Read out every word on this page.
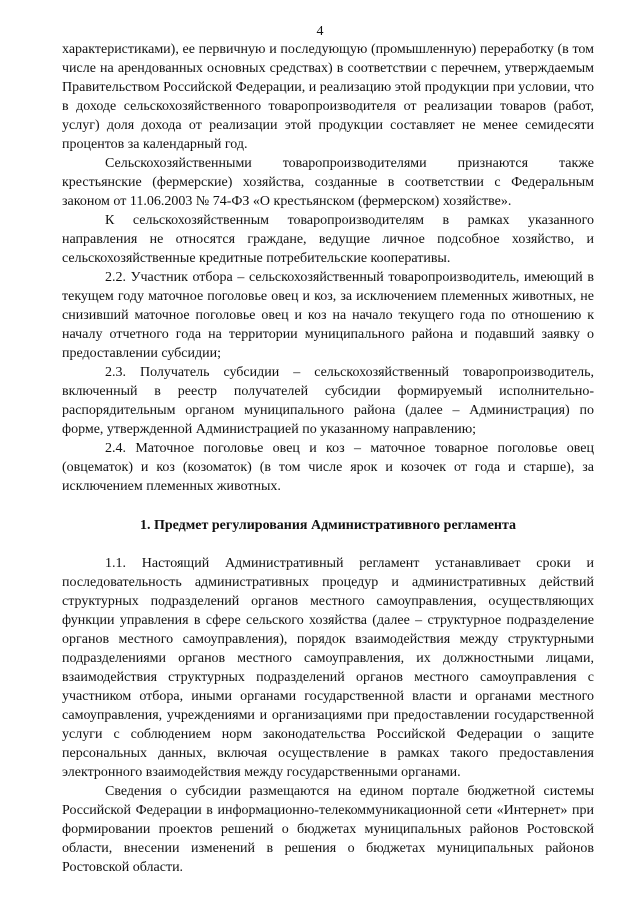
4

характеристиками), ее первичную и последующую (промышленную) переработку (в том числе на арендованных основных средствах) в соответствии с перечнем, утверждаемым Правительством Российской Федерации, и реализацию этой продукции при условии, что в доходе сельскохозяйственного товаропроизводителя от реализации товаров (работ, услуг) доля дохода от реализации этой продукции составляет не менее семидесяти процентов за календарный год.

Сельскохозяйственными товаропроизводителями признаются также крестьянские (фермерские) хозяйства, созданные в соответствии с Федеральным законом от 11.06.2003 № 74-ФЗ «О крестьянском (фермерском) хозяйстве».

К сельскохозяйственным товаропроизводителям в рамках указанного направления не относятся граждане, ведущие личное подсобное хозяйство, и сельскохозяйственные кредитные потребительские кооперативы.

2.2. Участник отбора – сельскохозяйственный товаропроизводитель, имеющий в текущем году маточное поголовье овец и коз, за исключением племенных животных, не снизивший маточное поголовье овец и коз на начало текущего года по отношению к началу отчетного года на территории муниципального района и подавший заявку о предоставлении субсидии;

2.3. Получатель субсидии – сельскохозяйственный товаропроизводитель, включенный в реестр получателей субсидии формируемый исполнительно-распорядительным органом муниципального района (далее – Администрация) по форме, утвержденной Администрацией по указанному направлению;

2.4. Маточное поголовье овец и коз – маточное товарное поголовье овец (овцематок) и коз (козоматок) (в том числе ярок и козочек от года и старше), за исключением племенных животных.

1. Предмет регулирования Административного регламента

1.1. Настоящий Административный регламент устанавливает сроки и последовательность административных процедур и административных действий структурных подразделений органов местного самоуправления, осуществляющих функции управления в сфере сельского хозяйства (далее – структурное подразделение органов местного самоуправления), порядок взаимодействия между структурными подразделениями органов местного самоуправления, их должностными лицами, взаимодействия структурных подразделений органов местного самоуправления с участником отбора, иными органами государственной власти и органами местного самоуправления, учреждениями и организациями при предоставлении государственной услуги с соблюдением норм законодательства Российской Федерации о защите персональных данных, включая осуществление в рамках такого предоставления электронного взаимодействия между государственными органами.

Сведения о субсидии размещаются на едином портале бюджетной системы Российской Федерации в информационно-телекоммуникационной сети «Интернет» при формировании проектов решений о бюджетах муниципальных районов Ростовской области, внесении изменений в решения о бюджетах муниципальных районов Ростовской области.
